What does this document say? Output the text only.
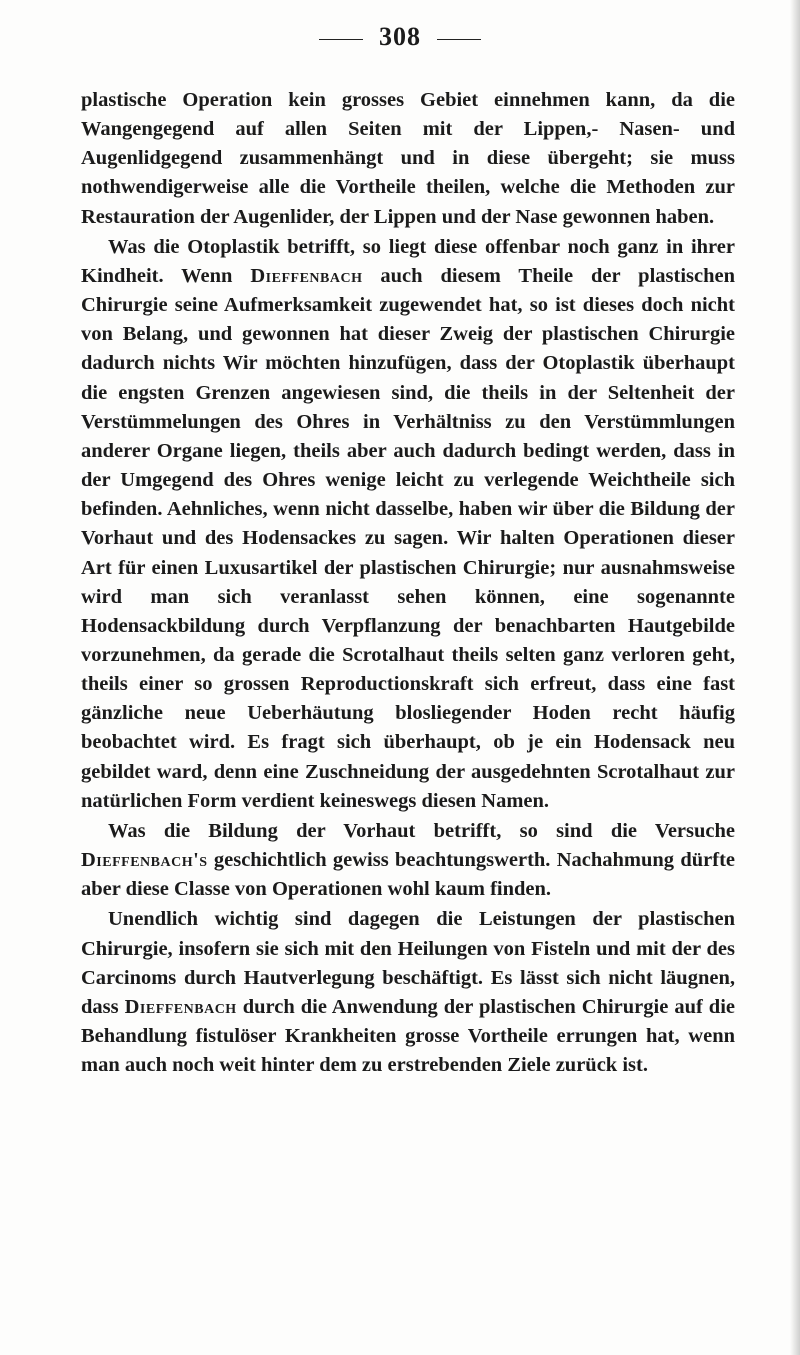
308

plastische Operation kein grosses Gebiet einnehmen kann, da die Wangengegend auf allen Seiten mit der Lippen,- Nasen- und Augenlidgegend zusammenhängt und in diese übergeht; sie muss nothwendigerweise alle die Vortheile theilen, welche die Methoden zur Restauration der Augenlider, der Lippen und der Nase gewonnen haben.

Was die Otoplastik betrifft, so liegt diese offenbar noch ganz in ihrer Kindheit. Wenn Dieffenbach auch diesem Theile der plastischen Chirurgie seine Aufmerksamkeit zugewendet hat, so ist dieses doch nicht von Belang, und gewonnen hat dieser Zweig der plastischen Chirurgie dadurch nichts Wir möchten hinzufügen, dass der Otoplastik überhaupt die engsten Grenzen angewiesen sind, die theils in der Seltenheit der Verstümmelungen des Ohres in Verhältniss zu den Verstümmlungen anderer Organe liegen, theils aber auch dadurch bedingt werden, dass in der Umgegend des Ohres wenige leicht zu verlegende Weichtheile sich befinden. Aehnliches, wenn nicht dasselbe, haben wir über die Bildung der Vorhaut und des Hodensackes zu sagen. Wir halten Operationen dieser Art für einen Luxusartikel der plastischen Chirurgie; nur ausnahmsweise wird man sich veranlasst sehen können, eine sogenannte Hodensackbildung durch Verpflanzung der benachbarten Hautgebilde vorzunehmen, da gerade die Scrotalhaut theils selten ganz verloren geht, theils einer so grossen Reproductionskraft sich erfreut, dass eine fast gänzliche neue Ueberhäutung blosliegender Hoden recht häufig beobachtet wird. Es fragt sich überhaupt, ob je ein Hodensack neu gebildet ward, denn eine Zuschneidung der ausgedehnten Scrotalhaut zur natürlichen Form verdient keineswegs diesen Namen.

Was die Bildung der Vorhaut betrifft, so sind die Versuche Dieffenbach's geschichtlich gewiss beachtungswerth. Nachahmung dürfte aber diese Classe von Operationen wohl kaum finden.

Unendlich wichtig sind dagegen die Leistungen der plastischen Chirurgie, insofern sie sich mit den Heilungen von Fisteln und mit der des Carcinoms durch Hautverlegung beschäftigt. Es lässt sich nicht läugnen, dass Dieffenbach durch die Anwendung der plastischen Chirurgie auf die Behandlung fistulöser Krankheiten grosse Vortheile errungen hat, wenn man auch noch weit hinter dem zu erstrebenden Ziele zurück ist.
